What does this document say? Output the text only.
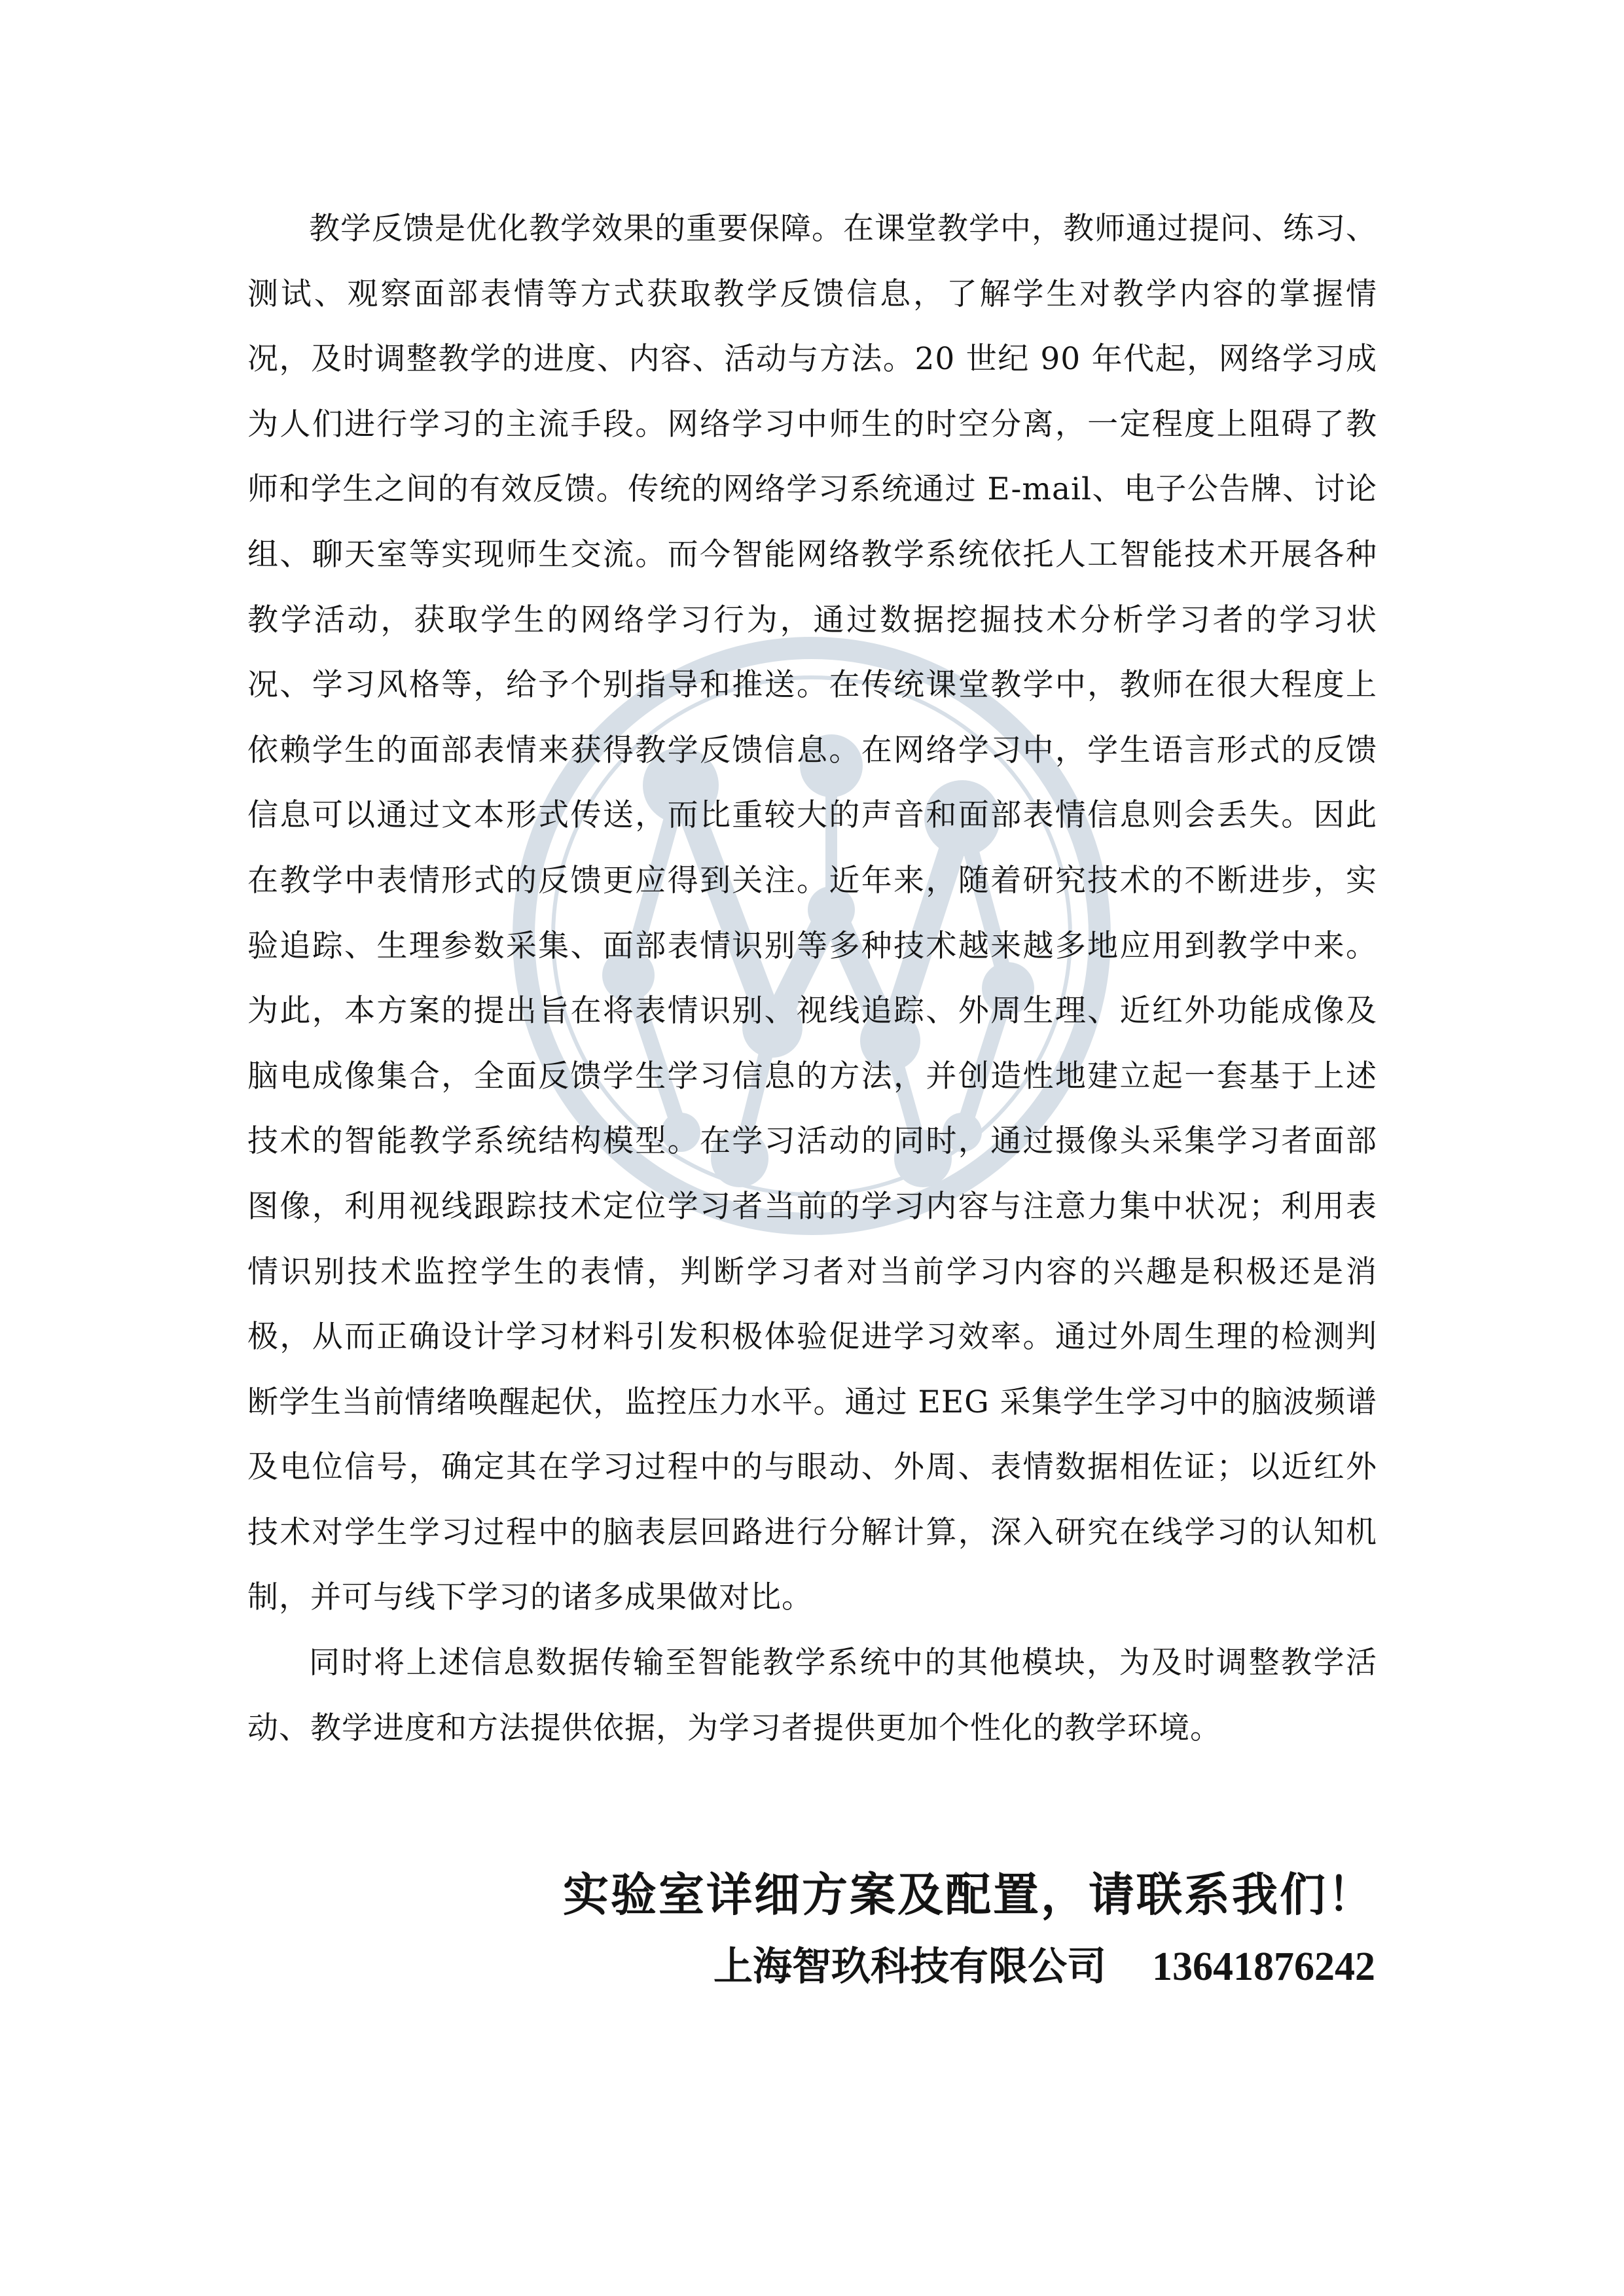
教学反馈是优化教学效果的重要保障。在课堂教学中，教师通过提问、练习、测试、观察面部表情等方式获取教学反馈信息，了解学生对教学内容的掌握情况，及时调整教学的进度、内容、活动与方法。20 世纪 90 年代起，网络学习成为人们进行学习的主流手段。网络学习中师生的时空分离，一定程度上阻碍了教师和学生之间的有效反馈。传统的网络学习系统通过 E-mail、电子公告牌、讨论组、聊天室等实现师生交流。而今智能网络教学系统依托人工智能技术开展各种教学活动，获取学生的网络学习行为，通过数据挖掘技术分析学习者的学习状况、学习风格等，给予个别指导和推送。在传统课堂教学中，教师在很大程度上依赖学生的面部表情来获得教学反馈信息。在网络学习中，学生语言形式的反馈信息可以通过文本形式传送，而比重较大的声音和面部表情信息则会丢失。因此在教学中表情形式的反馈更应得到关注。近年来，随着研究技术的不断进步，实验追踪、生理参数采集、面部表情识别等多种技术越来越多地应用到教学中来。为此，本方案的提出旨在将表情识别、视线追踪、外周生理、近红外功能成像及脑电成像集合，全面反馈学生学习信息的方法，并创造性地建立起一套基于上述技术的智能教学系统结构模型。在学习活动的同时，通过摄像头采集学习者面部图像，利用视线跟踪技术定位学习者当前的学习内容与注意力集中状况；利用表情识别技术监控学生的表情，判断学习者对当前学习内容的兴趣是积极还是消极，从而正确设计学习材料引发积极体验促进学习效率。通过外周生理的检测判断学生当前情绪唤醒起伏，监控压力水平。通过 EEG 采集学生学习中的脑波频谱及电位信号，确定其在学习过程中的与眼动、外周、表情数据相佐证；以近红外技术对学生学习过程中的脑表层回路进行分解计算，深入研究在线学习的认知机制，并可与线下学习的诸多成果做对比。

同时将上述信息数据传输至智能教学系统中的其他模块，为及时调整教学活动、教学进度和方法提供依据，为学习者提供更加个性化的教学环境。

实验室详细方案及配置，请联系我们！

上海智玖科技有限公司 13641876242
